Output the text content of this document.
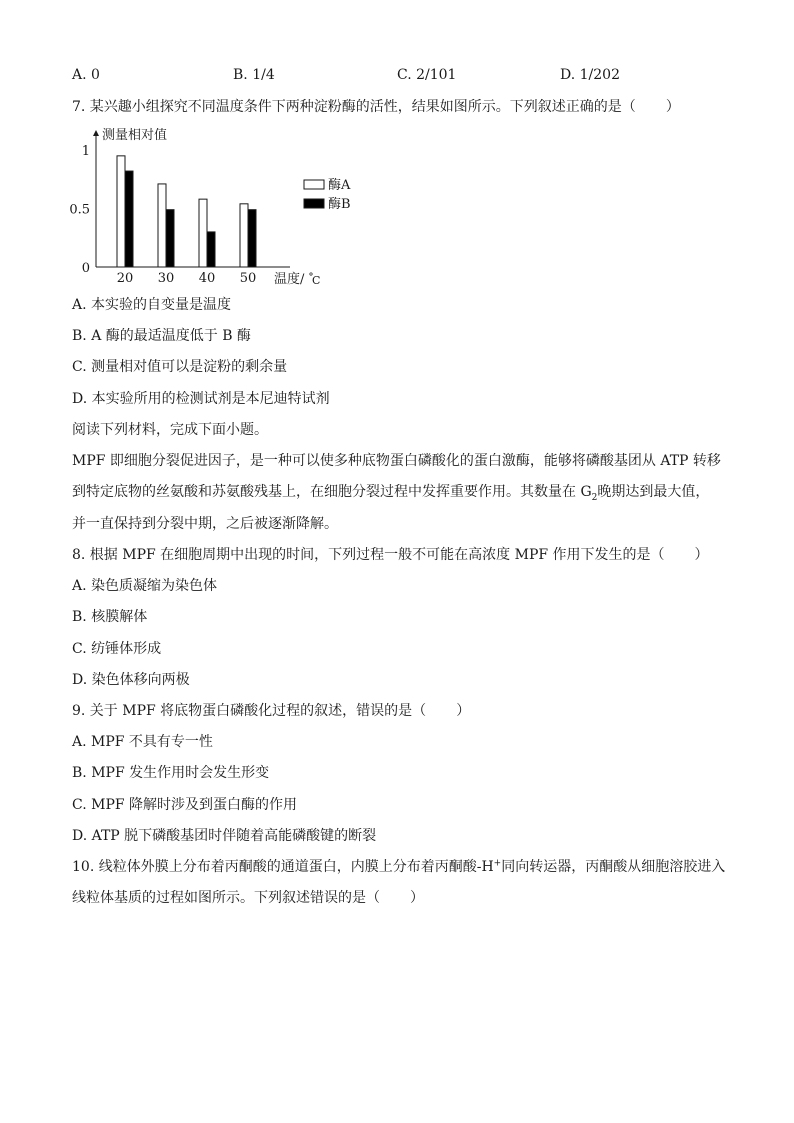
A. 0	B. 1/4	C. 2/101	D. 1/202
7. 某兴趣小组探究不同温度条件下两种淀粉酶的活性，结果如图所示。下列叙述正确的是（ ）
测量相对值
0
0.5
1
20 30 40 50 温度/ C
酶A
酶B
A. 本实验的自变量是温度
B. A 酶的最适温度低于 B 酶
C. 测量相对值可以是淀粉的剩余量
D. 本实验所用的检测试剂是本尼迪特试剂
阅读下列材料，完成下面小题。
MPF 即细胞分裂促进因子，是一种可以使多种底物蛋白磷酸化的蛋白激酶，能够将磷酸基团从 ATP 转移
到特定底物的丝氨酸和苏氨酸残基上，在细胞分裂过程中发挥重要作用。其数量在 $G_2$晚期达到最大值，
并一直保持到分裂中期，之后被逐渐降解。
8. 根据 MPF 在细胞周期中出现的时间，下列过程一般不可能在高浓度 MPF 作用下发生的是（ ）
A. 染色质凝缩为染色体
B. 核膜解体
C. 纺锤体形成
D. 染色体移向两极
9. 关于 MPF 将底物蛋白磷酸化过程的叙述，错误的是（ ）
A. MPF 不具有专一性
B. MPF 发生作用时会发生形变
C. MPF 降解时涉及到蛋白酶的作用
D. ATP 脱下磷酸基团时伴随着高能磷酸键的断裂
10. 线粒体外膜上分布着丙酮酸的通道蛋白，内膜上分布着丙酮酸-H+同向转运器，丙酮酸从细胞溶胶进入
线粒体基质的过程如图所示。下列叙述错误的是（ ）
